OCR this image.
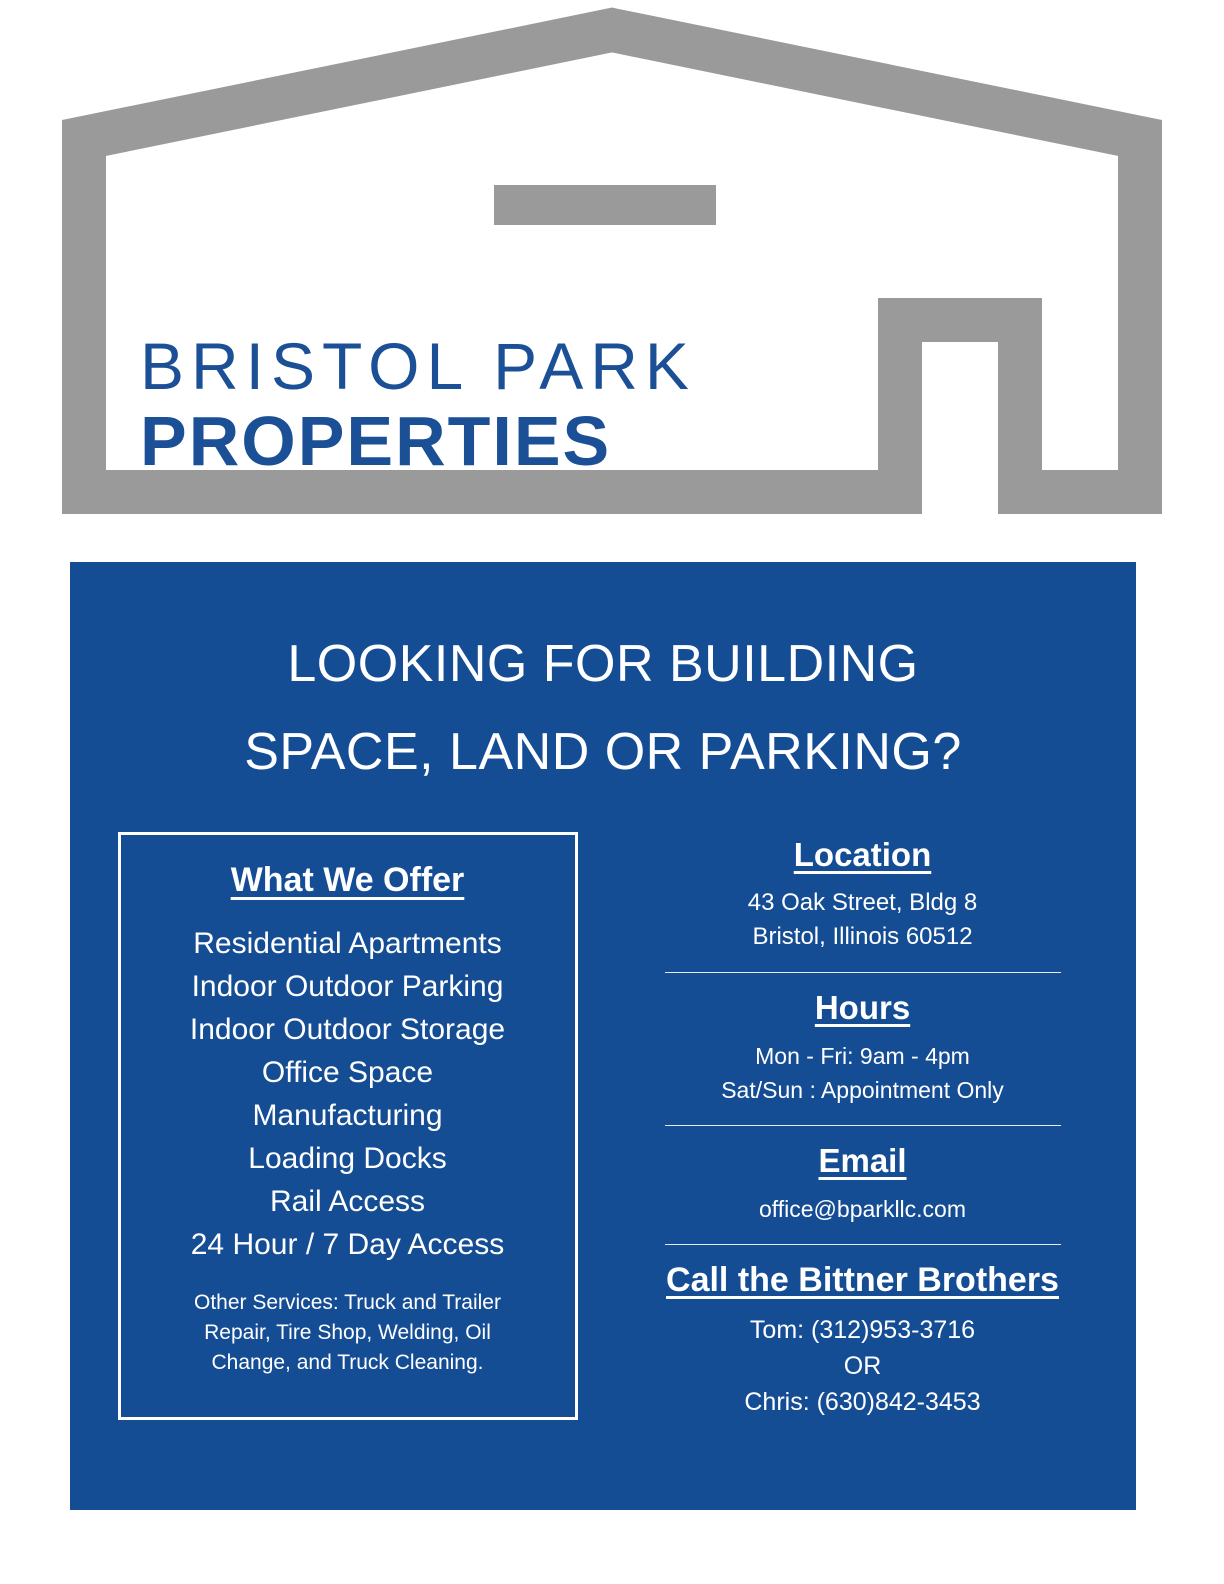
BRISTOL PARK
PROPERTIES
LOOKING FOR BUILDING
SPACE, LAND OR PARKING?
What We Offer
Residential Apartments
Indoor Outdoor Parking
Indoor Outdoor Storage
Office Space
Manufacturing
Loading Docks
Rail Access
24 Hour / 7 Day Access
Other Services: Truck and Trailer Repair, Tire Shop, Welding, Oil Change, and Truck Cleaning.
Location
43 Oak Street, Bldg 8
Bristol, Illinois 60512
Hours
Mon - Fri: 9am - 4pm
Sat/Sun : Appointment Only
Email
office@bparkllc.com
Call the Bittner Brothers
Tom: (312)953-3716
OR
Chris: (630)842-3453
